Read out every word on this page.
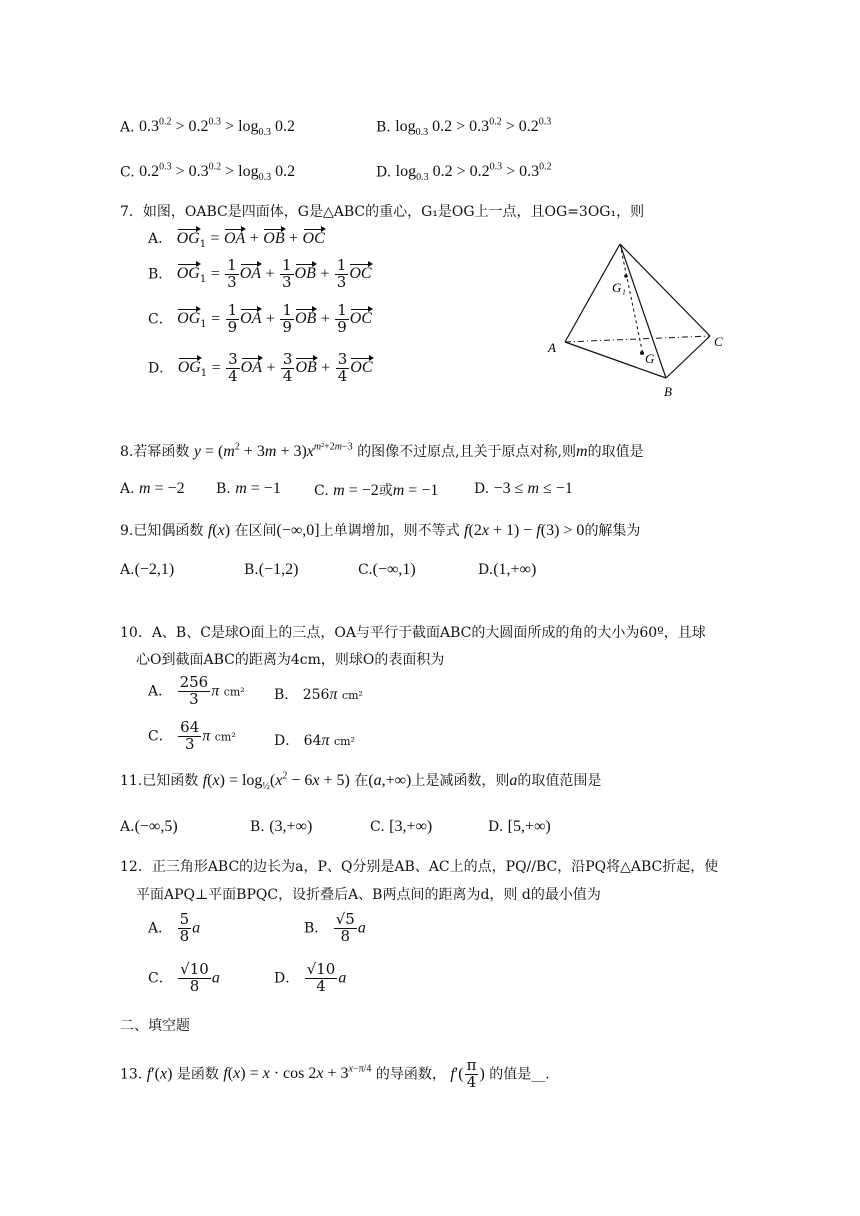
A. $0.3^{0.2} > 0.2^{0.3} > \log_{0.3} 0.2$	B. $\log_{0.3} 0.2 > 0.3^{0.2} > 0.2^{0.3}$
C. $0.2^{0.3} > 0.3^{0.2} > \log_{0.3} 0.2$	D. $\log_{0.3} 0.2 > 0.2^{0.3} > 0.3^{0.2}$
7．如图，OABC是四面体，G是△ABC的重心，G₁是OG上一点，且OG=3OG₁，则
A． $OG_1$ = OA + OB + OC
B． $OG_1 = \frac{1}{3}$ OA + $\frac{1}{3}$ OB + $\frac{1}{3}$ OC
C． $OG_1 = \frac{1}{9}$ OA + $\frac{1}{9}$ OB + $\frac{1}{9}$ OC
D． $OG_1 = \frac{3}{4}$ OA + $\frac{3}{4}$ OB + $\frac{3}{4}$ OC
G₁
A	C
G
B
8.若幂函数 $y = (m^2 + 3m + 3)x^{m^2+2m-3}$ 的图像不过原点,且关于原点对称,则m的取值是
A. m = −2 B. m = −1 C. m = −2或m = −1	D. −3 ≤ m ≤ −1
9.已知偶函数 f(x) 在区间(−∞,0]上单调增加，则不等式 f(2x + 1) − f(3) > 0的解集为
A.(−2,1)	B.(−1,2)	C.(−∞,1)	D.(1,+∞)
10．A、B、C是球O面上的三点，OA与平行于截面ABC的大圆面所成的角的大小为60º，且球
心O到截面ABC的距离为4cm，则球O的表面积为
A． $\frac{256}{3}$ π cm² B． 256π cm²
C． $\frac{64}{3}$ π cm²	D． 64π cm²
11.已知函数 $f(x) = \log_{\frac{1}{2}}(x^2 - 6x + 5)$ 在(a,+∞)上是减函数，则a的取值范围是
A.(−∞,5)	B. (3,+∞)	C. [3,+∞)	D. [5,+∞)
12．正三角形ABC的边长为a，P、Q分别是AB、AC上的点，PQ//BC，沿PQ将△ABC折起，使
平面APQ⊥平面BPQC，设折叠后A、B两点间的距离为d，则 d的最小值为
A． $\frac{5}{8}$ a	B． $\frac{√5}{8}$ a
C． $\frac{√10}{8}$ a	D． $\frac{√10}{4}$ a
二、填空题
13. f′(x) 是函数 $f(x) = x \cdot \cos 2x + 3^{x-\pi/4}$ 的导函数， $f'( \frac{\pi}{4}$ ) 的值是__.
